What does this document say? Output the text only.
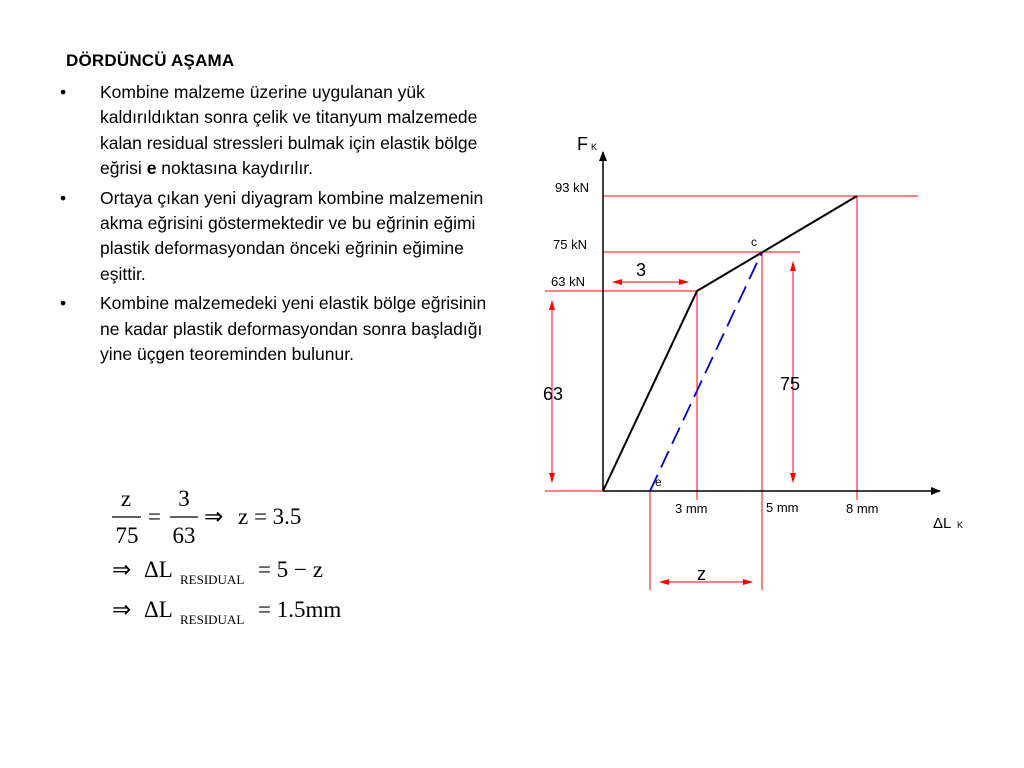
DÖRDÜNCÜ AŞAMA
• Kombine malzeme üzerine uygulanan yük kaldırıldıktan sonra çelik ve titanyum malzemede kalan residual stressleri bulmak için elastik bölge eğrisi e noktasına kaydırılır.
• Ortaya çıkan yeni diyagram kombine malzemenin akma eğrisini göstermektedir ve bu eğrinin eğimi plastik deformasyondan önceki eğrinin eğimine eşittir.
• Kombine malzemedeki yeni elastik bölge eğrisinin ne kadar plastik deformasyondan sonra başladığı yine üçgen teoreminden bulunur.
z
75
=
3
63
⇒ z = 3.5
⇒ ΔL RESIDUAL = 5 − z
⇒ ΔL RESIDUAL = 1.5mm
F K
ΔL K
93 kN
75 kN
63 kN
3 mm	5 mm	8 mm
63	75
3
z
c
e
